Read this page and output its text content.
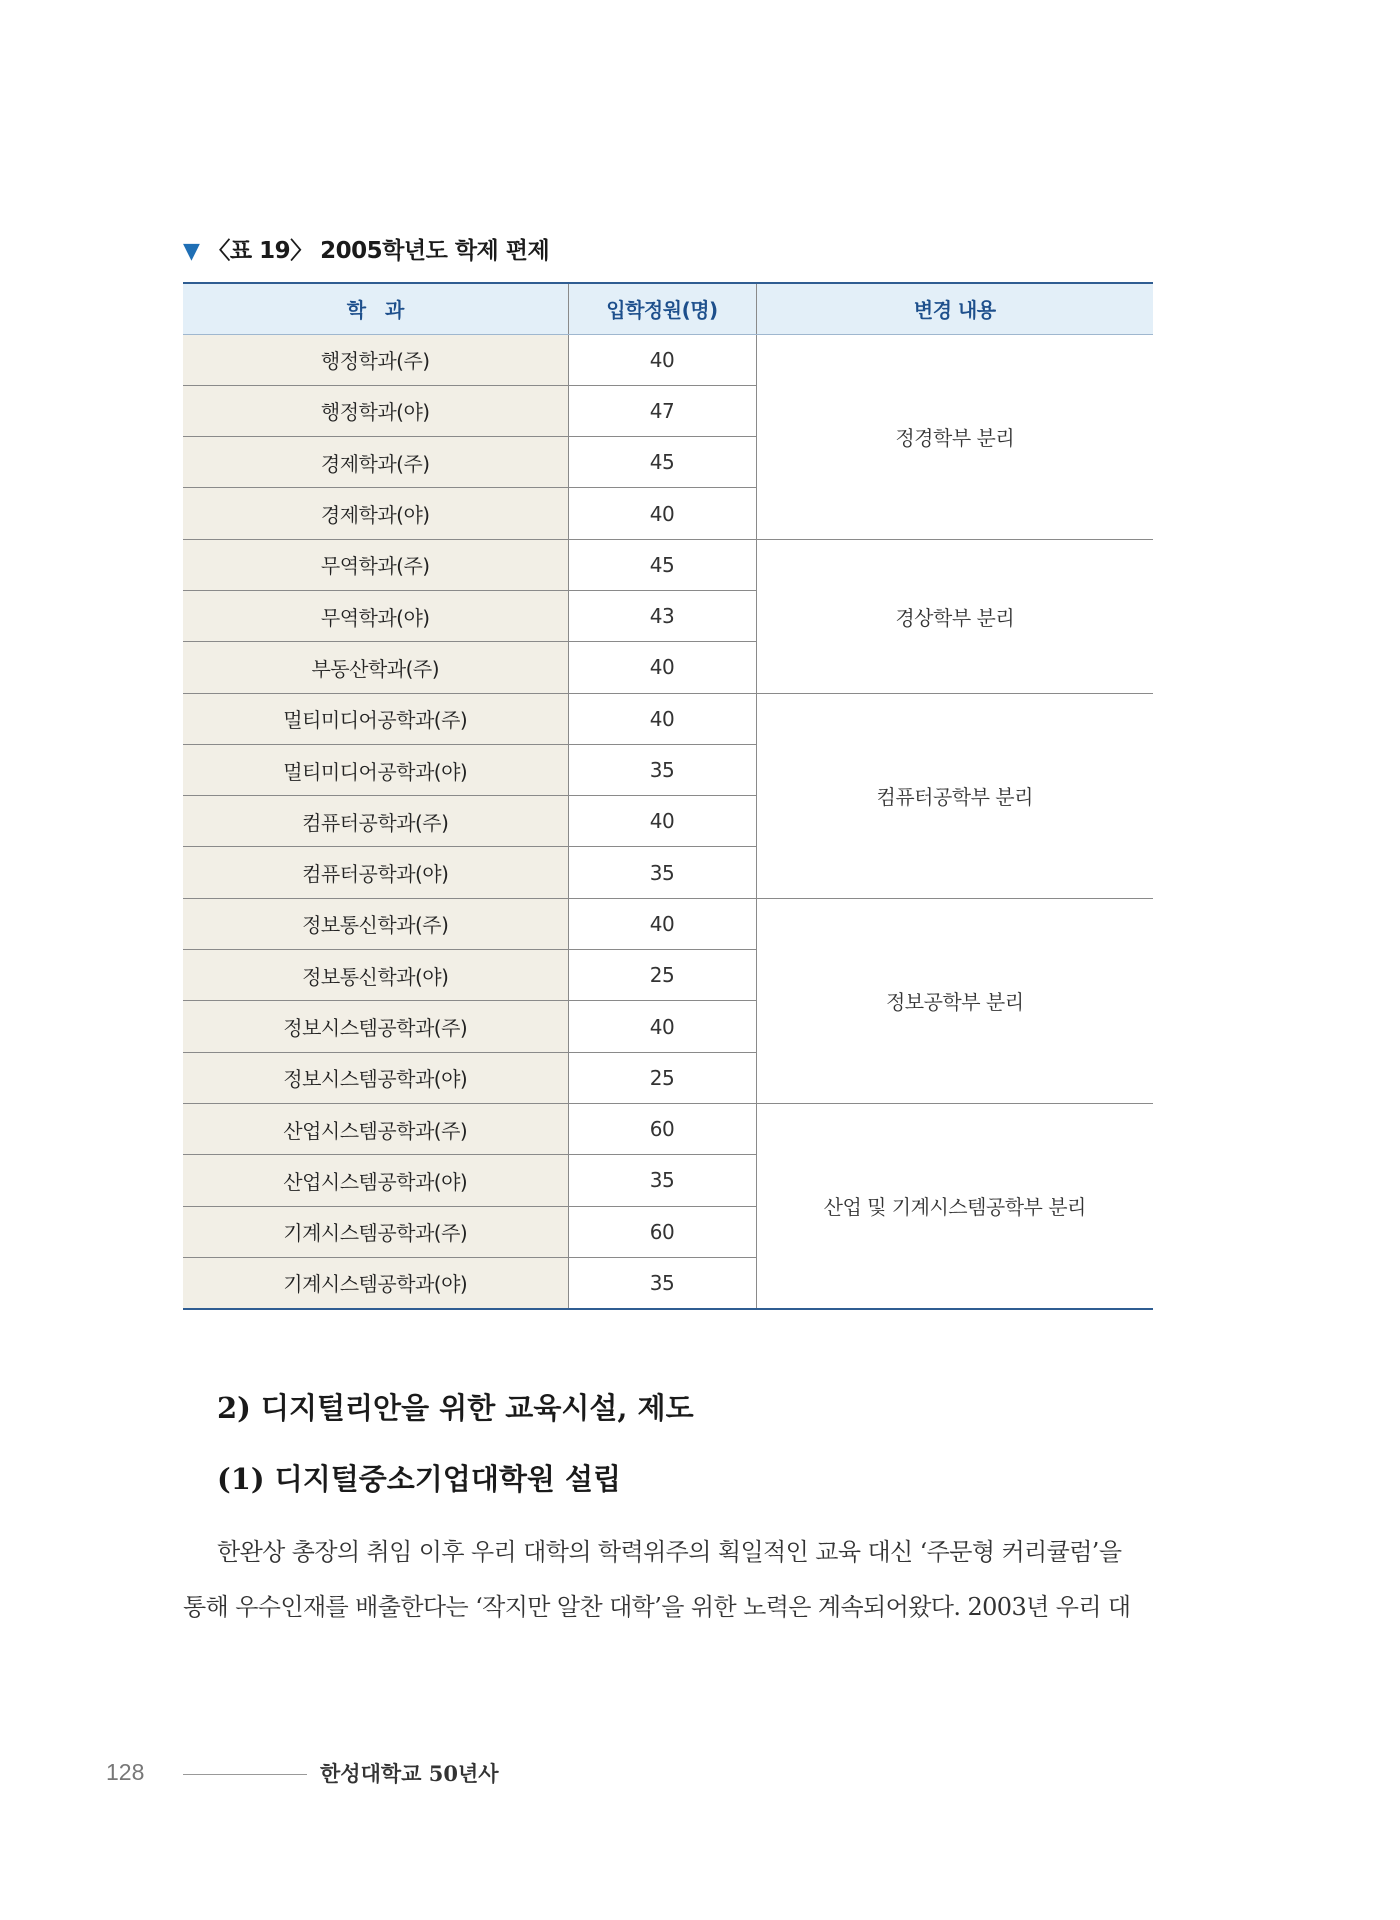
▼ 〈표 19〉 2005학년도 학제 편제
학   과	입학정원(명)	변경 내용
행정학과(주)	40	정경학부 분리
행정학과(야)	47	
경제학과(주)	45	
경제학과(야)	40	
무역학과(주)	45	경상학부 분리
무역학과(야)	43	
부동산학과(주)	40	
멀티미디어공학과(주)	40	컴퓨터공학부 분리
멀티미디어공학과(야)	35	
컴퓨터공학과(주)	40	
컴퓨터공학과(야)	35	
정보통신학과(주)	40	정보공학부 분리
정보통신학과(야)	25	
정보시스템공학과(주)	40	
정보시스템공학과(야)	25	
산업시스템공학과(주)	60	산업 및 기계시스템공학부 분리
산업시스템공학과(야)	35	
기계시스템공학과(주)	60	
기계시스템공학과(야)	35	
2) 디지털리안을 위한 교육시설, 제도
(1) 디지털중소기업대학원 설립
한완상 총장의 취임 이후 우리 대학의 학력위주의 획일적인 교육 대신 ‘주문형 커리큘럼’을
통해 우수인재를 배출한다는 ‘작지만 알찬 대학’을 위한 노력은 계속되어왔다. 2003년 우리 대
128	한성대학교 50년사
